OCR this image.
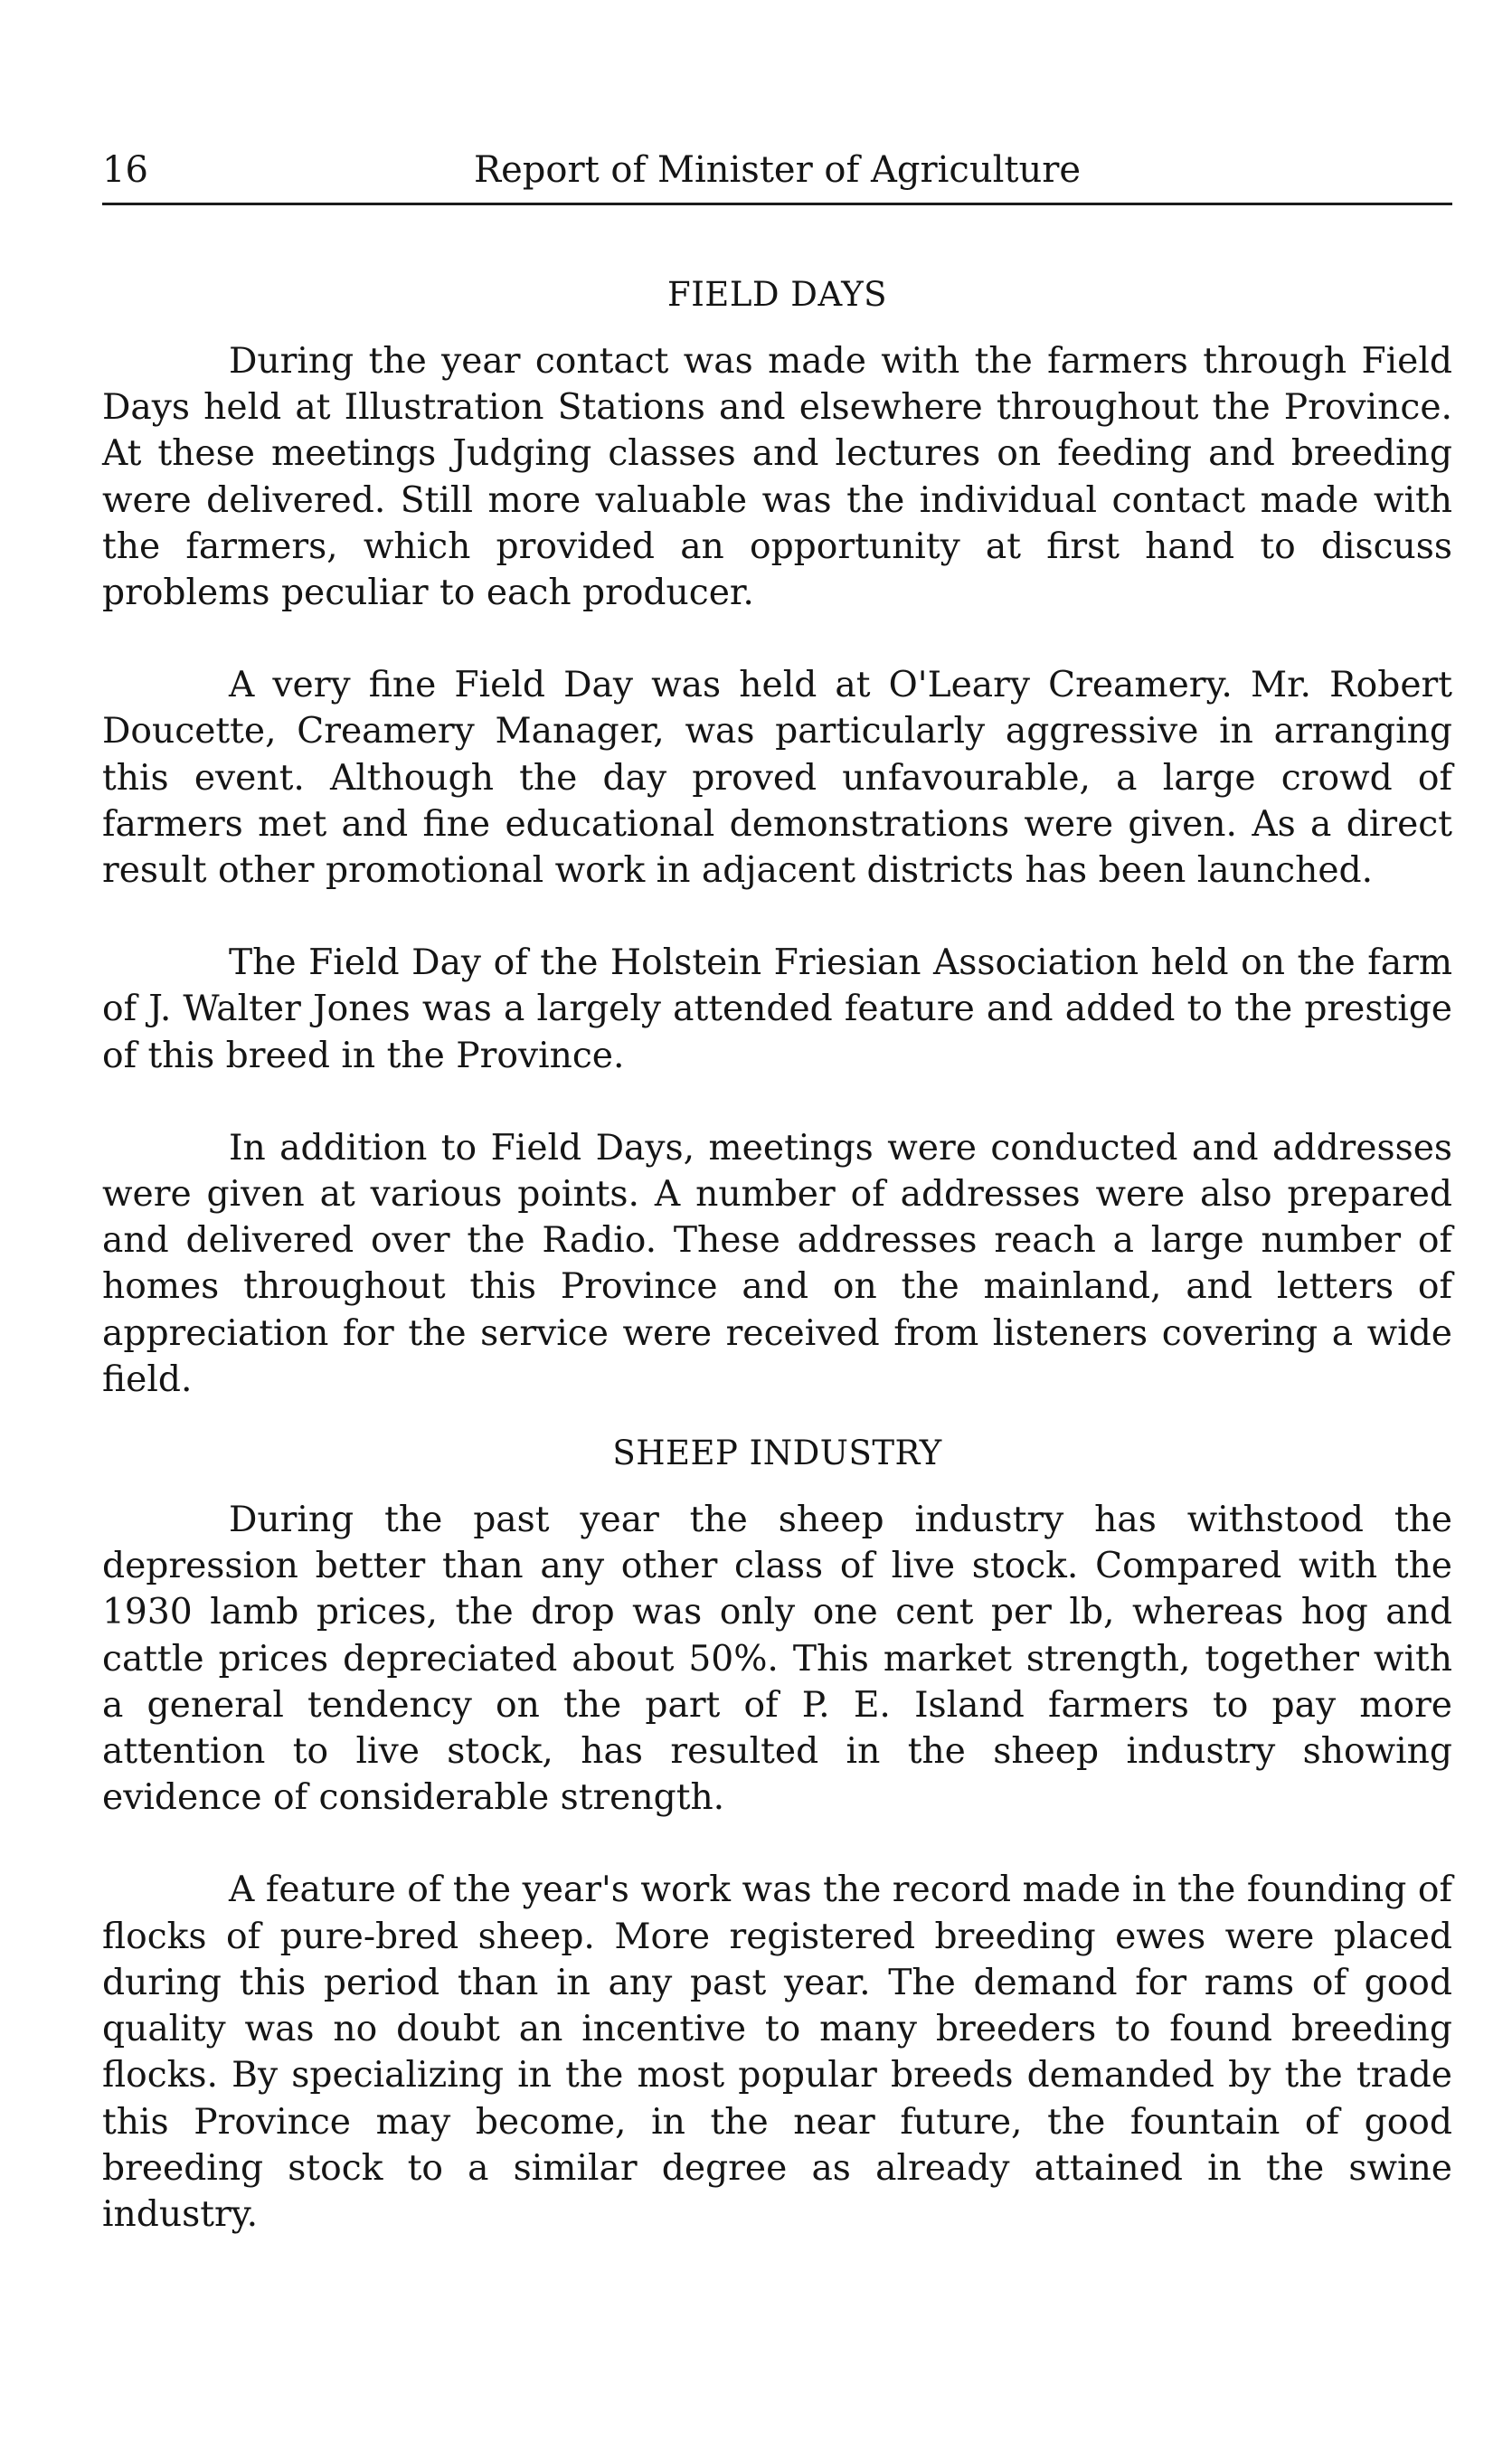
16	Report of Minister of Agriculture
FIELD DAYS

During the year contact was made with the farmers through Field Days held at Illustration Stations and elsewhere throughout the Province. At these meetings Judging classes and lectures on feeding and breeding were delivered. Still more valuable was the individual contact made with the farmers, which provided an opportunity at first hand to discuss problems peculiar to each producer.

A very fine Field Day was held at O'Leary Creamery. Mr. Robert Doucette, Creamery Manager, was particularly aggressive in arranging this event. Although the day proved unfavourable, a large crowd of farmers met and fine educational demonstrations were given. As a direct result other promotional work in adjacent districts has been launched.

The Field Day of the Holstein Friesian Association held on the farm of J. Walter Jones was a largely attended feature and added to the prestige of this breed in the Province.

In addition to Field Days, meetings were conducted and addresses were given at various points. A number of addresses were also prepared and delivered over the Radio. These addresses reach a large number of homes throughout this Province and on the mainland, and letters of appreciation for the service were received from listeners covering a wide field.

SHEEP INDUSTRY

During the past year the sheep industry has withstood the depression better than any other class of live stock. Compared with the 1930 lamb prices, the drop was only one cent per lb, whereas hog and cattle prices depreciated about 50%. This market strength, together with a general tendency on the part of P. E. Island farmers to pay more attention to live stock, has resulted in the sheep industry showing evidence of considerable strength.

A feature of the year's work was the record made in the founding of flocks of pure-bred sheep. More registered breeding ewes were placed during this period than in any past year. The demand for rams of good quality was no doubt an incentive to many breeders to found breeding flocks. By specializing in the most popular breeds demanded by the trade this Province may become, in the near future, the fountain of good breeding stock to a similar degree as already attained in the swine industry.
